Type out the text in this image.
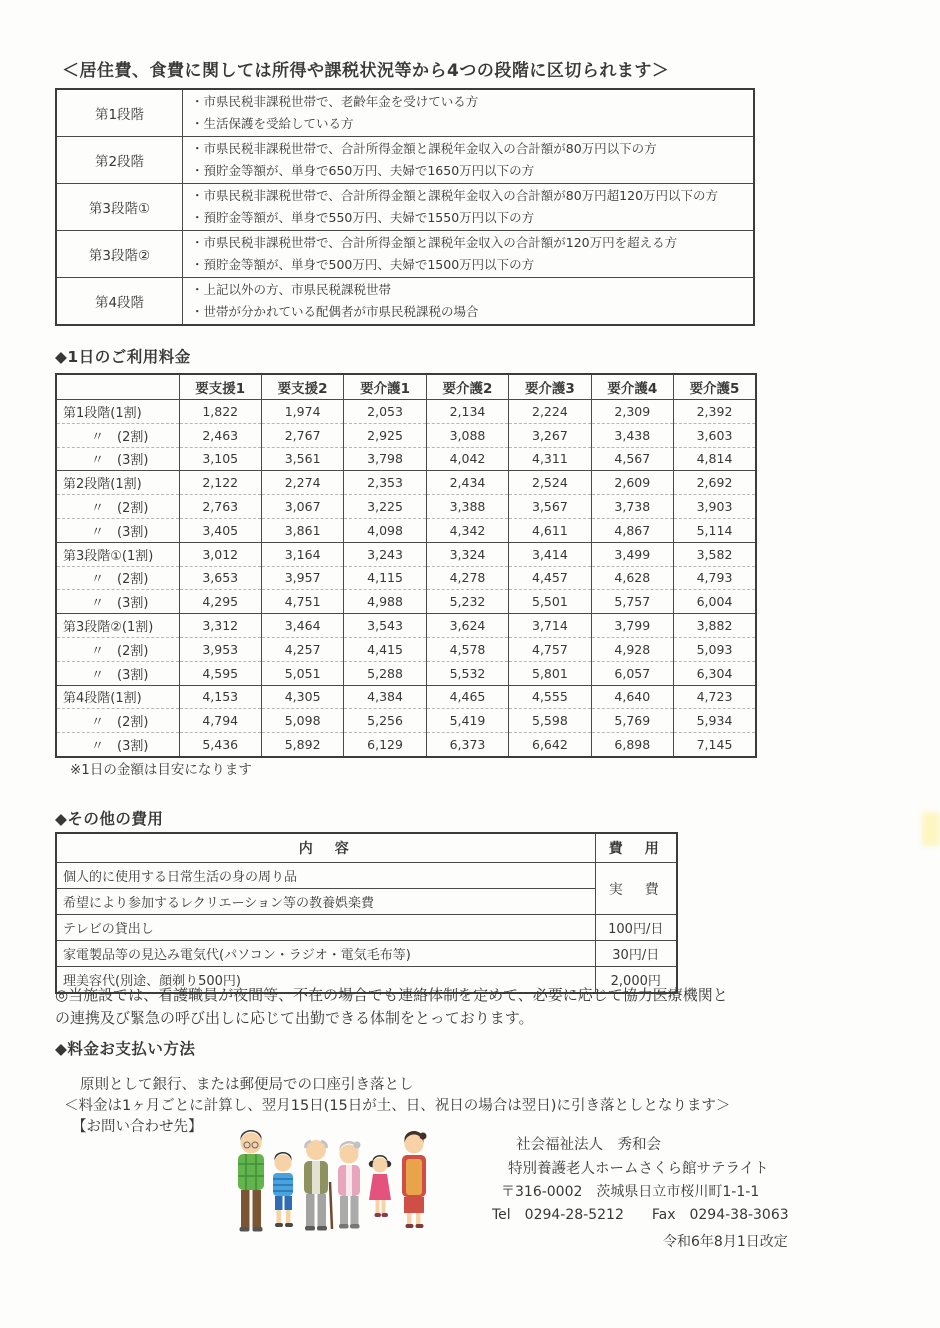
＜居住費、食費に関しては所得や課税状況等から4つの段階に区切られます＞
第1段階	・市県民税非課税世帯で、老齢年金を受けている方
・生活保護を受給している方

第2段階	・市県民税非課税世帯で、合計所得金額と課税年金収入の合計額が80万円以下の方
・預貯金等額が、単身で650万円、夫婦で1650万円以下の方

第3段階①	・市県民税非課税世帯で、合計所得金額と課税年金収入の合計額が80万円超120万円以下の方
・預貯金等額が、単身で550万円、夫婦で1550万円以下の方

第3段階②	・市県民税非課税世帯で、合計所得金額と課税年金収入の合計額が120万円を超える方
・預貯金等額が、単身で500万円、夫婦で1500万円以下の方

第4段階	・上記以外の方、市県民税課税世帯
・世帯が分かれている配偶者が市県民税課税の場合
◆1日のご利用料金
	要支援1	要支援2	要介護1	要介護2	要介護3	要介護4	要介護5
第1段階(1割)	1,822	1,974	2,053	2,134	2,224	2,309	2,392
〃　(2割)	2,463	2,767	2,925	3,088	3,267	3,438	3,603
〃　(3割)	3,105	3,561	3,798	4,042	4,311	4,567	4,814
第2段階(1割)	2,122	2,274	2,353	2,434	2,524	2,609	2,692
〃　(2割)	2,763	3,067	3,225	3,388	3,567	3,738	3,903
〃　(3割)	3,405	3,861	4,098	4,342	4,611	4,867	5,114
第3段階①(1割)	3,012	3,164	3,243	3,324	3,414	3,499	3,582
〃　(2割)	3,653	3,957	4,115	4,278	4,457	4,628	4,793
〃　(3割)	4,295	4,751	4,988	5,232	5,501	5,757	6,004
第3段階②(1割)	3,312	3,464	3,543	3,624	3,714	3,799	3,882
〃　(2割)	3,953	4,257	4,415	4,578	4,757	4,928	5,093
〃　(3割)	4,595	5,051	5,288	5,532	5,801	6,057	6,304
第4段階(1割)	4,153	4,305	4,384	4,465	4,555	4,640	4,723
〃　(2割)	4,794	5,098	5,256	5,419	5,598	5,769	5,934
〃　(3割)	5,436	5,892	6,129	6,373	6,642	6,898	7,145
※1日の金額は目安になります
◆その他の費用
内　容	費　用
個人的に使用する日常生活の身の周り品	実　費
希望により参加するレクリエーション等の教養娯楽費	
テレビの貸出し	100円/日
家電製品等の見込み電気代(パソコン・ラジオ・電気毛布等)	30円/日
理美容代(別途、顔剃り500円)	2,000円
◎当施設では、看護職員が夜間等、不在の場合でも連絡体制を定めて、必要に応じて協力医療機関と
の連携及び緊急の呼び出しに応じて出勤できる体制をとっております。
◆料金お支払い方法
原則として銀行、または郵便局での口座引き落とし
＜料金は1ヶ月ごとに計算し、翌月15日(15日が土、日、祝日の場合は翌日)に引き落としとなります＞
【お問い合わせ先】
社会福祉法人　秀和会
特別養護老人ホームさくら館サテライト
〒316-0002　茨城県日立市桜川町1-1-1
Tel　0294-28-5212　　Fax　0294-38-3063
令和6年8月1日改定
